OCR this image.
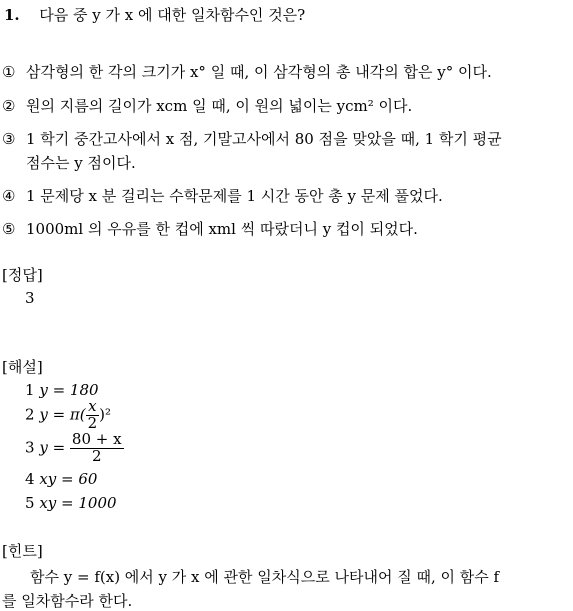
1. 다음 중 y 가 x 에 대한 일차함수인 것은?
① 삼각형의 한 각의 크기가 x° 일 때, 이 삼각형의 총 내각의 합은 y° 이다.
② 원의 지름의 길이가 xcm 일 때, 이 원의 넓이는 ycm² 이다.
③ 1 학기 중간고사에서 x 점, 기말고사에서 80 점을 맞았을 때, 1 학기 평균
점수는 y 점이다.
④ 1 문제당 x 분 걸리는 수학문제를 1 시간 동안 총 y 문제 풀었다.
⑤ 1000ml 의 우유를 한 컵에 xml 씩 따랐더니 y 컵이 되었다.
[정답]
3
[해설]
1 y = 180
2 $y = \pi( \frac{x}{2} )^2$
3 $y = \frac{80 + x}{2}$
4 xy = 60
5 xy = 1000
[힌트]
함수 y = f(x) 에서 y 가 x 에 관한 일차식으로 나타내어 질 때, 이 함수 f
를 일차함수라 한다.
